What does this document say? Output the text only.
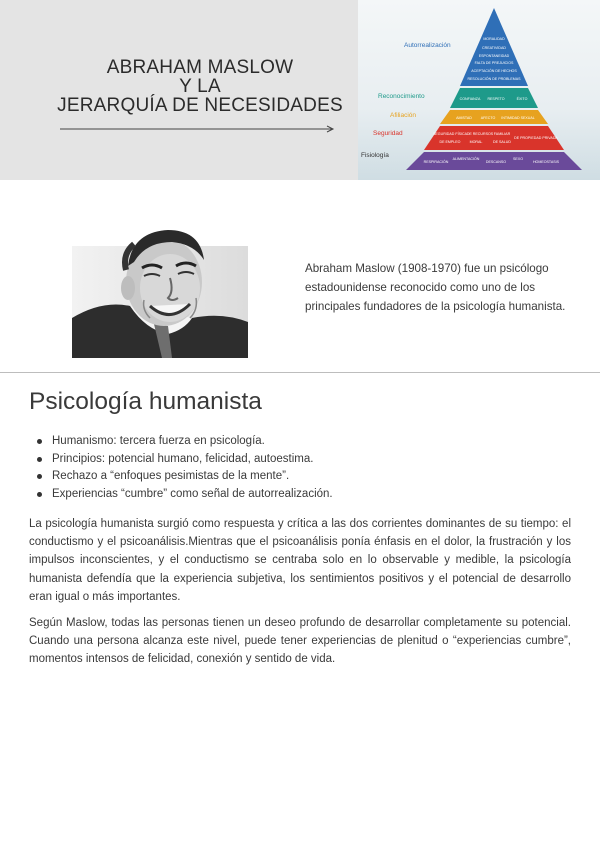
ABRAHAM MASLOW
Y LA
JERARQUÍA DE NECESIDADES
Autorrealización
Reconocimiento
Afiliación
Seguridad
Fisiología
MORALIDAD
CREATIVIDAD
ESPONTANEIDAD
FALTA DE PREJUICIOS
ACEPTACIÓN DE HECHOS
RESOLUCIÓN DE PROBLEMAS
CONFIANZA RESPETO	ÉXITO
AMISTAD AFECTO INTIMIDAD SEXUAL
SEGURIDAD FÍSICA
DE EMPLEO
DE RECURSOS
MORAL
FAMILIAR
DE SALUD
DE PROPIEDAD PRIVADA
RESPIRACIÓN
ALIMENTACIÓN
DESCANSO
SEXO
HOMEOSTASIS

Abraham Maslow (1908-1970) fue un psicólogo estadounidense reconocido como uno de los principales fundadores de la psicología humanista.

Psicología humanista
Humanismo: tercera fuerza en psicología.
Principios: potencial humano, felicidad, autoestima.
Rechazo a “enfoques pesimistas de la mente”.
Experiencias “cumbre” como señal de autorrealización.

La psicología humanista surgió como respuesta y crítica a las dos corrientes dominantes de su tiempo: el conductismo y el psicoanálisis.Mientras que el psicoanálisis ponía énfasis en el dolor, la frustración y los impulsos inconscientes, y el conductismo se centraba solo en lo observable y medible, la psicología humanista defendía que la experiencia subjetiva, los sentimientos positivos y el potencial de desarrollo eran igual o más importantes.

Según Maslow, todas las personas tienen un deseo profundo de desarrollar completamente su potencial. Cuando una persona alcanza este nivel, puede tener experiencias de plenitud o “experiencias cumbre”, momentos intensos de felicidad, conexión y sentido de vida.
